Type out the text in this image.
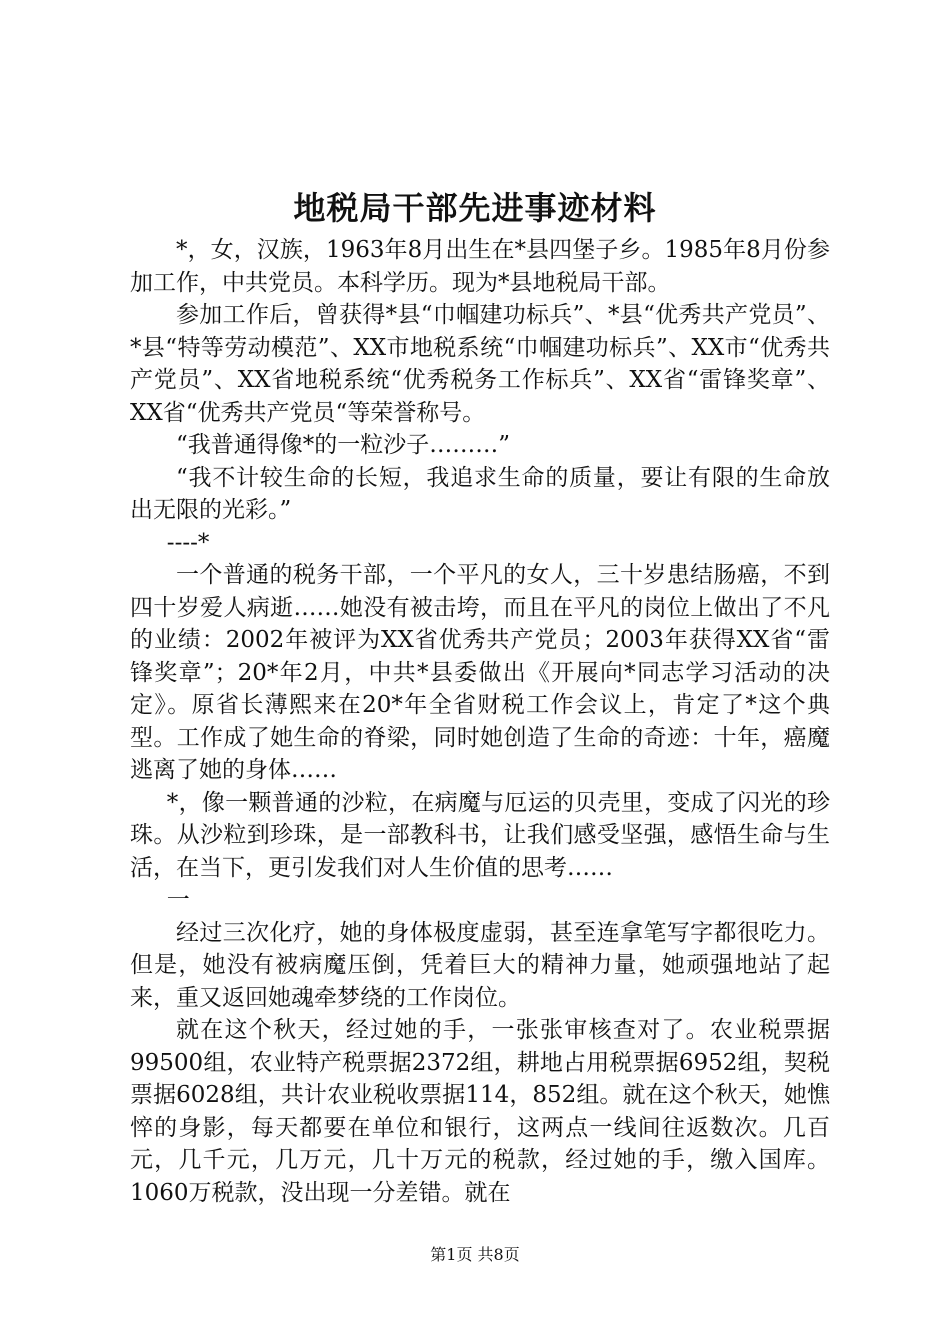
地税局干部先进事迹材料

*，女，汉族，1963年8月出生在*县四堡子乡。1985年8月份参加工作，中共党员。本科学历。现为*县地税局干部。

参加工作后，曾获得*县“巾帼建功标兵”、*县“优秀共产党员”、*县“特等劳动模范”、XX市地税系统“巾帼建功标兵”、XX市“优秀共产党员”、XX省地税系统“优秀税务工作标兵”、XX省“雷锋奖章”、XX省“优秀共产党员“等荣誉称号。

“我普通得像*的一粒沙子………”

“我不计较生命的长短，我追求生命的质量，要让有限的生命放出无限的光彩。”

----*

一个普通的税务干部，一个平凡的女人，三十岁患结肠癌，不到四十岁爱人病逝……她没有被击垮，而且在平凡的岗位上做出了不凡的业绩：2002年被评为XX省优秀共产党员；2003年获得XX省“雷锋奖章”；20*年2月，中共*县委做出《开展向*同志学习活动的决定》。原省长薄熙来在20*年全省财税工作会议上，肯定了*这个典型。工作成了她生命的脊梁，同时她创造了生命的奇迹：十年，癌魔逃离了她的身体……

*，像一颗普通的沙粒，在病魔与厄运的贝壳里，变成了闪光的珍珠。从沙粒到珍珠，是一部教科书，让我们感受坚强，感悟生命与生活，在当下，更引发我们对人生价值的思考……

一

经过三次化疗，她的身体极度虚弱，甚至连拿笔写字都很吃力。但是，她没有被病魔压倒，凭着巨大的精神力量，她顽强地站了起来，重又返回她魂牵梦绕的工作岗位。

就在这个秋天，经过她的手，一张张审核查对了。农业税票据99500组，农业特产税票据2372组，耕地占用税票据6952组，契税票据6028组，共计农业税收票据114，852组。就在这个秋天，她憔悴的身影，每天都要在单位和银行，这两点一线间往返数次。几百元，几千元，几万元，几十万元的税款，经过她的手，缴入国库。1060万税款，没出现一分差错。就在

第1页 共8页
